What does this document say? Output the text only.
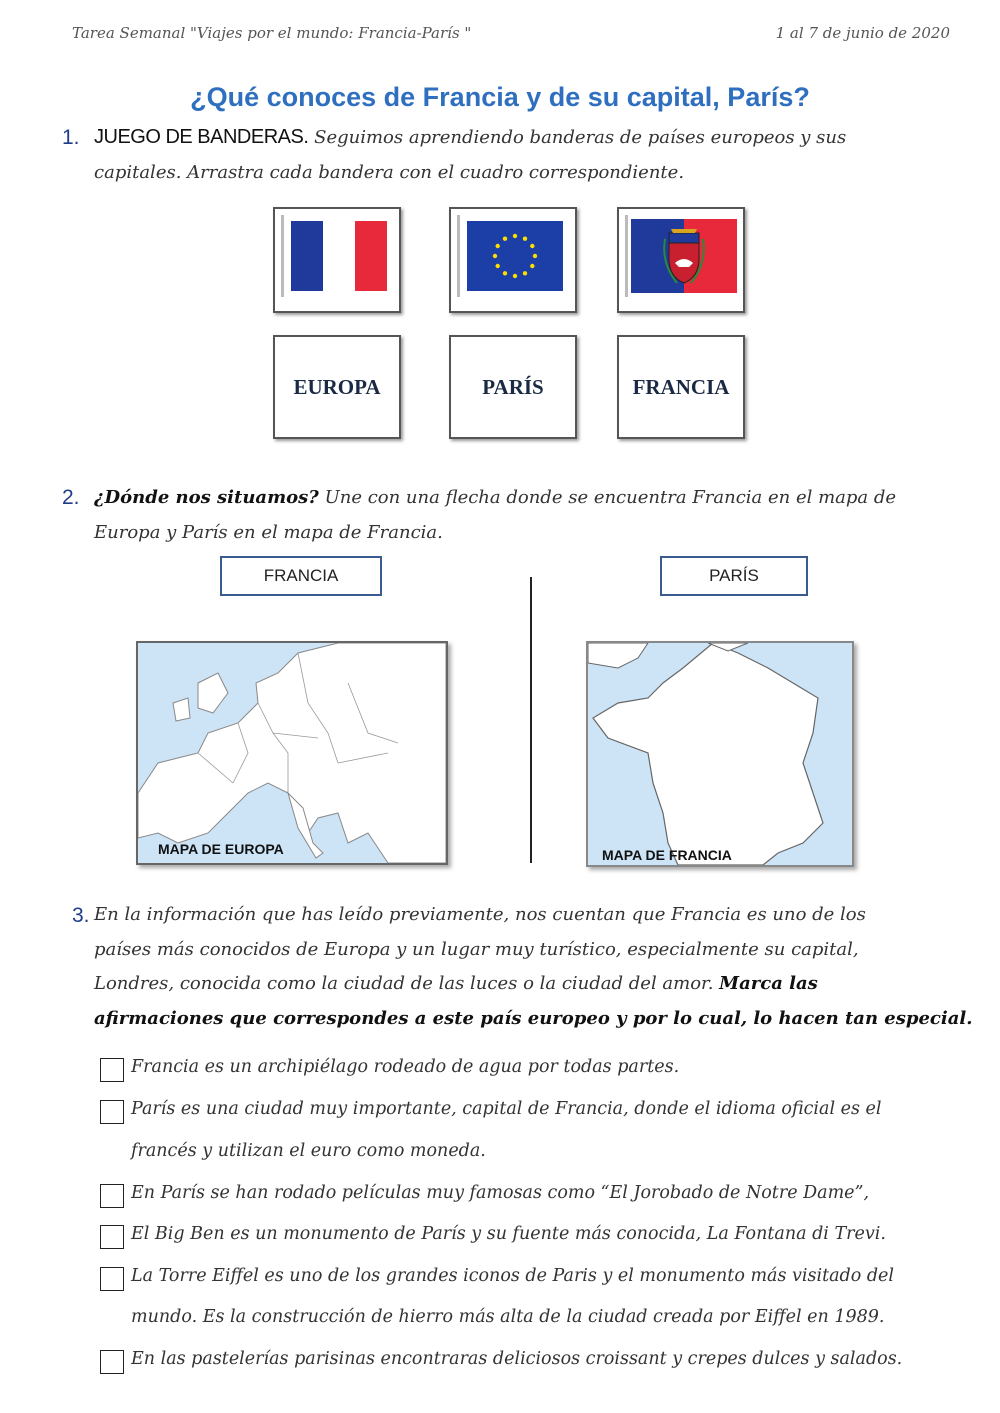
Tarea Semanal "Viajes por el mundo: Francia-París "	1 al 7 de junio de 2020
¿Qué conoces de Francia y de su capital, París?
1. JUEGO DE BANDERAS. Seguimos aprendiendo banderas de países europeos y sus
capitales. Arrastra cada bandera con el cuadro correspondiente.
EUROPA	PARÍS	FRANCIA
2. ¿Dónde nos situamos? Une con una flecha donde se encuentra Francia en el mapa de
Europa y París en el mapa de Francia.
FRANCIA	PARÍS
MAPA DE EUROPA	MAPA DE FRANCIA
3. En la información que has leído previamente, nos cuentan que Francia es uno de los
países más conocidos de Europa y un lugar muy turístico, especialmente su capital,
Londres, conocida como la ciudad de las luces o la ciudad del amor. Marca las
afirmaciones que correspondes a este país europeo y por lo cual, lo hacen tan especial.
Francia es un archipiélago rodeado de agua por todas partes.
París es una ciudad muy importante, capital de Francia, donde el idioma oficial es el
francés y utilizan el euro como moneda.
En París se han rodado películas muy famosas como “El Jorobado de Notre Dame”,
El Big Ben es un monumento de París y su fuente más conocida, La Fontana di Trevi.
La Torre Eiffel es uno de los grandes iconos de Paris y el monumento más visitado del
mundo. Es la construcción de hierro más alta de la ciudad creada por Eiffel en 1989.
En las pastelerías parisinas encontraras deliciosos croissant y crepes dulces y salados.
